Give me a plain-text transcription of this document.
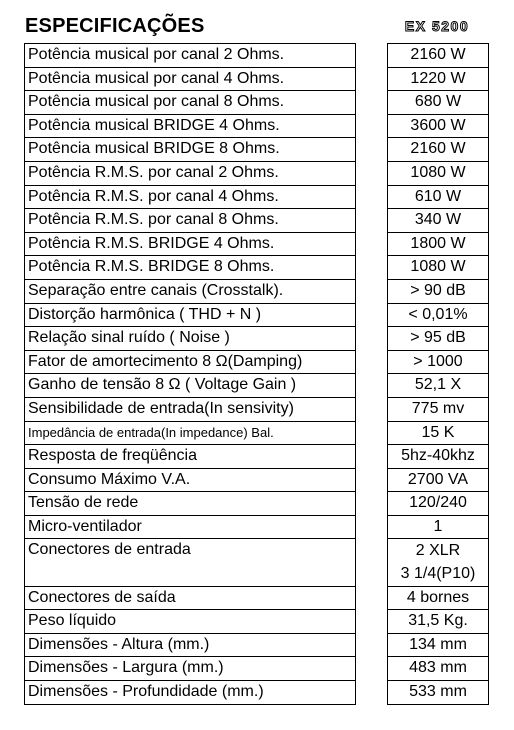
ESPECIFICAÇÕES	EX 5200
Potência musical por canal 2 Ohms.
Potência musical por canal 4 Ohms.
Potência musical por canal 8 Ohms.
Potência musical BRIDGE 4 Ohms.
Potência musical BRIDGE 8 Ohms.
Potência R.M.S. por canal 2 Ohms.
Potência R.M.S. por canal 4 Ohms.
Potência R.M.S. por canal 8 Ohms.
Potência R.M.S. BRIDGE 4 Ohms.
Potência R.M.S. BRIDGE 8 Ohms.
Separação entre canais (Crosstalk).
Distorção harmônica ( THD + N )
Relação sinal ruído ( Noise )
Fator de amortecimento 8 Ω(Damping)
Ganho de tensão 8 Ω ( Voltage Gain )
Sensibilidade de entrada(In sensivity)
Impedância de entrada(In impedance) Bal.
Resposta de freqüência
Consumo Máximo V.A.
Tensão de rede
Micro-ventilador
Conectores de entrada
Conectores de saída
Peso líquido
Dimensões - Altura (mm.)
Dimensões - Largura (mm.)
Dimensões - Profundidade (mm.)
2160 W
1220 W
680 W
3600 W
2160 W
1080 W
610 W
340 W
1800 W
1080 W
> 90 dB
< 0,01%
> 95 dB
> 1000
52,1 X
775 mv
15 K
5hz-40khz
2700 VA
120/240
1
2 XLR
3 1/4(P10)
4 bornes
31,5 Kg.
134 mm
483 mm
533 mm
